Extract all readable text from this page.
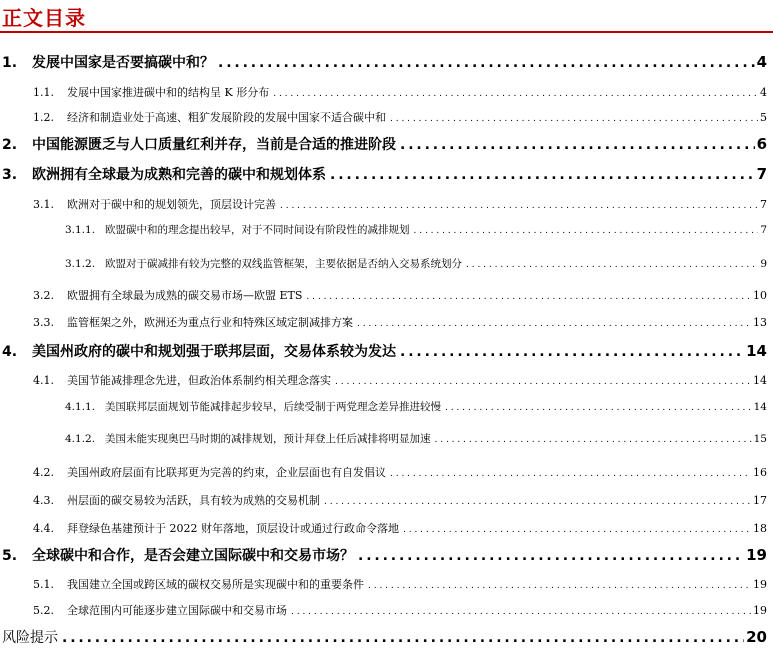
正文目录
1.	发展中国家是否要搞碳中和？ . . .	4
1.1.	发展中国家推进碳中和的结构呈 K 形分布 . . .	4
1.2.	经济和制造业处于高速、粗犷发展阶段的发展中国家不适合碳中和 . . .	5
2.	中国能源匮乏与人口质量红利并存，当前是合适的推进阶段 . . .	6
3.	欧洲拥有全球最为成熟和完善的碳中和规划体系 . . .	7
3.1.	欧洲对于碳中和的规划领先，顶层设计完善 . . .	7
3.1.1. 欧盟碳中和的理念提出较早，对于不同时间设有阶段性的减排规划 . . .	7
3.1.2. 欧盟对于碳减排有较为完整的双线监管框架，主要依据是否纳入交易系统划分 . . .	9
3.2.	欧盟拥有全球最为成熟的碳交易市场—欧盟 ETS . . .	10
3.3.	监管框架之外，欧洲还为重点行业和特殊区域定制减排方案 . . .	13
4.	美国州政府的碳中和规划强于联邦层面，交易体系较为发达 . . .	14
4.1.	美国节能减排理念先进，但政治体系制约相关理念落实 . . .	14
4.1.1. 美国联邦层面规划节能减排起步较早，后续受制于两党理念差异推进较慢 . . .	14
4.1.2. 美国未能实现奥巴马时期的减排规划，预计拜登上任后减排将明显加速 . . .	15
4.2.	美国州政府层面有比联邦更为完善的约束，企业层面也有自发倡议 . . .	16
4.3.	州层面的碳交易较为活跃，具有较为成熟的交易机制 . . .	17
4.4.	拜登绿色基建预计于 2022 财年落地，顶层设计或通过行政命令落地 . . .	18
5.	全球碳中和合作，是否会建立国际碳中和交易市场？ . . .	19
5.1.	我国建立全国或跨区域的碳权交易所是实现碳中和的重要条件 . . .	19
5.2.	全球范围内可能逐步建立国际碳中和交易市场 . . .	19
风险提示 . . .	20
